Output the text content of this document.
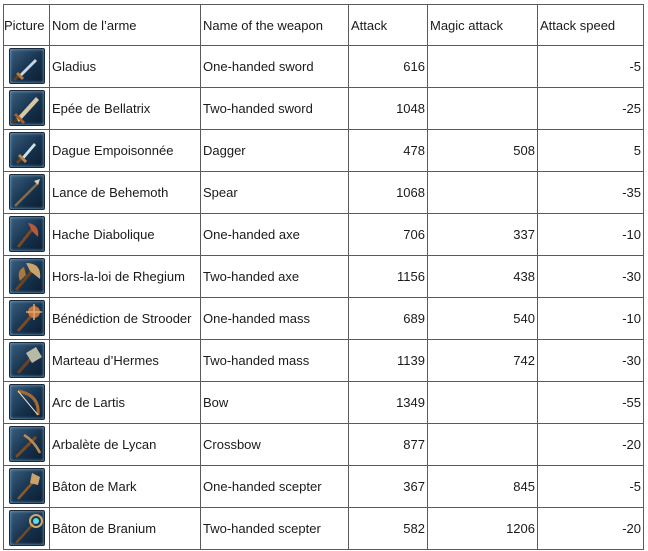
Picture	Nom de l’arme	Name of the weapon	Attack	Magic attack	Attack speed

	Gladius	One-handed sword	616		-5

	Epée de Bellatrix	Two-handed sword	1048		-25

	Dague Empoisonnée	Dagger	478	508	5

	Lance de Behemoth	Spear	1068		-35

	Hache Diabolique	One-handed axe	706	337	-10

	Hors-la-loi de Rhegium	Two-handed axe	1156	438	-30

	Bénédiction de Strooder	One-handed mass	689	540	-10

	Marteau d’Hermes	Two-handed mass	1139	742	-30

	Arc de Lartis	Bow	1349		-55

	Arbalète de Lycan	Crossbow	877		-20

	Bâton de Mark	One-handed scepter	367	845	-5

	Bâton de Branium	Two-handed scepter	582	1206	-20
